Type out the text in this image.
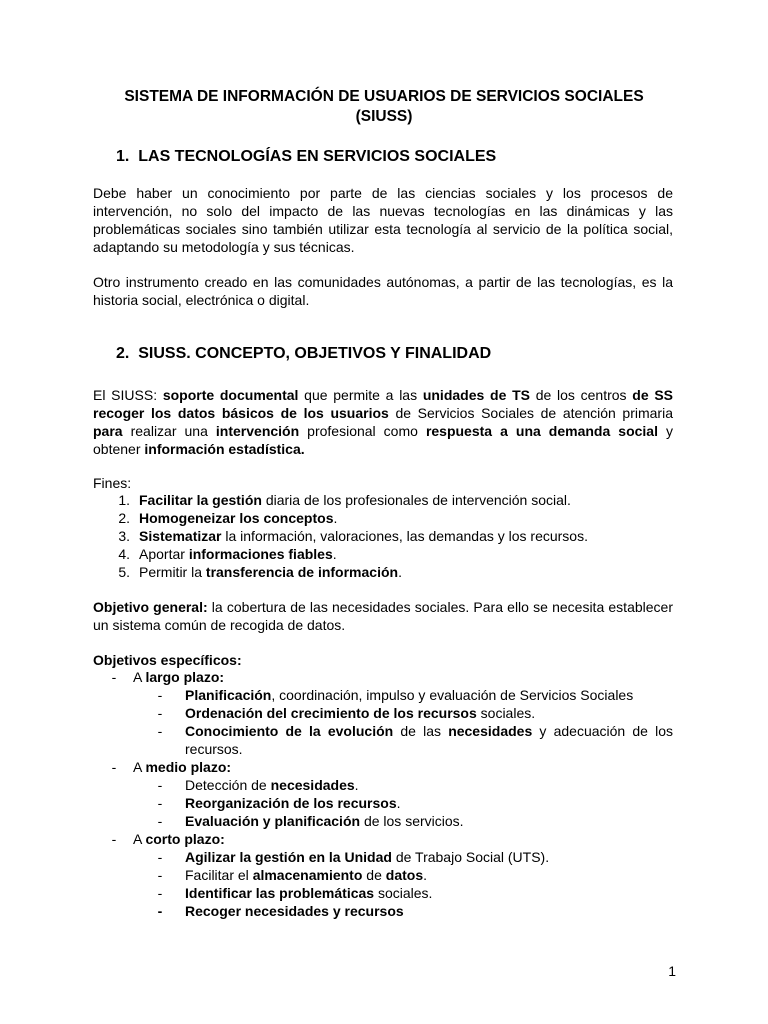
SISTEMA DE INFORMACIÓN DE USUARIOS DE SERVICIOS SOCIALES
(SIUSS)
1. LAS TECNOLOGÍAS EN SERVICIOS SOCIALES
Debe haber un conocimiento por parte de las ciencias sociales y los procesos de intervención, no solo del impacto de las nuevas tecnologías en las dinámicas y las problemáticas sociales sino también utilizar esta tecnología al servicio de la política social, adaptando su metodología y sus técnicas.
Otro instrumento creado en las comunidades autónomas, a partir de las tecnologías, es la historia social, electrónica o digital.
2. SIUSS. CONCEPTO, OBJETIVOS Y FINALIDAD
El SIUSS: soporte documental que permite a las unidades de TS de los centros de SS recoger los datos básicos de los usuarios de Servicios Sociales de atención primaria para realizar una intervención profesional como respuesta a una demanda social y obtener información estadística.
Fines:
1. Facilitar la gestión diaria de los profesionales de intervención social.
2. Homogeneizar los conceptos.
3. Sistematizar la información, valoraciones, las demandas y los recursos.
4. Aportar informaciones fiables.
5. Permitir la transferencia de información.
Objetivo general: la cobertura de las necesidades sociales. Para ello se necesita establecer un sistema común de recogida de datos.
Objetivos específicos:
-	A largo plazo:
-	Planificación, coordinación, impulso y evaluación de Servicios Sociales
-	Ordenación del crecimiento de los recursos sociales.
-	Conocimiento de la evolución de las necesidades y adecuación de los recursos.
-	A medio plazo:
-	Detección de necesidades.
-	Reorganización de los recursos.
-	Evaluación y planificación de los servicios.
-	A corto plazo:
-	Agilizar la gestión en la Unidad de Trabajo Social (UTS).
-	Facilitar el almacenamiento de datos.
-	Identificar las problemáticas sociales.
-	Recoger necesidades y recursos
1
